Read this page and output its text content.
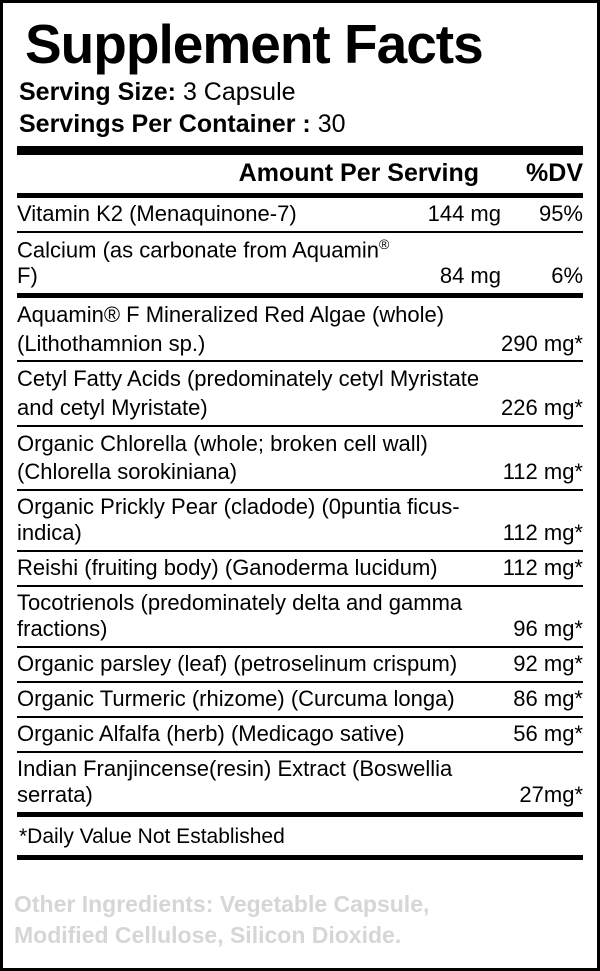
Supplement Facts
Serving Size: 3 Capsule
Servings Per Container : 30
Amount Per Serving	%DV
Vitamin K2 (Menaquinone-7)	144 mg	95%
Calcium (as carbonate from Aquamin® F)	84 mg	6%
Aquamin® F Mineralized Red Algae (whole)
(Lithothamnion sp.)	290 mg*
Cetyl Fatty Acids (predominately cetyl Myristate
and cetyl Myristate)	226 mg*
Organic Chlorella (whole; broken cell wall)
(Chlorella sorokiniana)	112 mg*
Organic Prickly Pear (cladode) (0puntia ficus-indica)	112 mg*
Reishi (fruiting body) (Ganoderma lucidum)	112 mg*
Tocotrienols (predominately delta and gamma fractions)	96 mg*
Organic parsley (leaf) (petroselinum crispum)	92 mg*
Organic Turmeric (rhizome) (Curcuma longa)	86 mg*
Organic Alfalfa (herb) (Medicago sative)	56 mg*
Indian Franjincense(resin) Extract (Boswellia serrata)	27mg*
*Daily Value Not Established
Other Ingredients: Vegetable Capsule,
Modified Cellulose, Silicon Dioxide.
